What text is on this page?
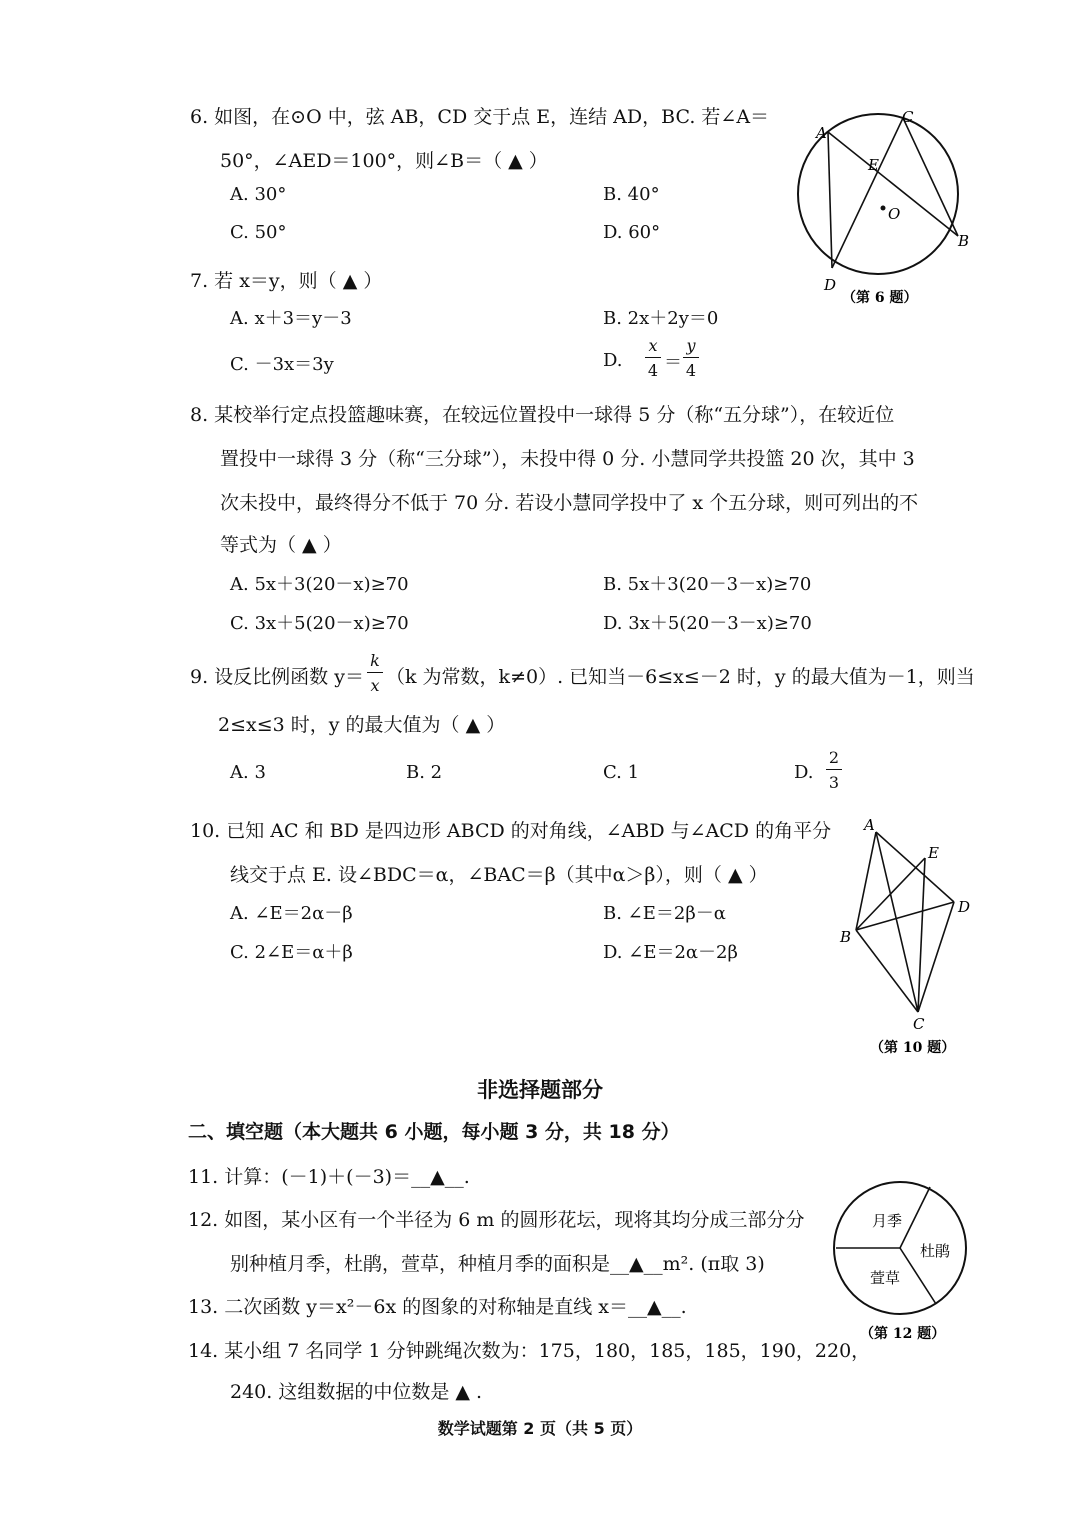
6. 如图，在⊙O 中，弦 AB，CD 交于点 E，连结 AD，BC. 若∠A＝
50°，∠AED＝100°，则∠B＝（ ▲ ）
A. 30°	B. 40°
C. 50°	D. 60°
A
C
E
O
B
D
（第 6 题）
7. 若 x＝y，则（ ▲ ）
A. x＋3＝y－3	B. 2x＋2y＝0
C. －3x＝3y	D.
x
4 ＝
y
4
8. 某校举行定点投篮趣味赛，在较远位置投中一球得 5 分（称“五分球”），在较近位
置投中一球得 3 分（称“三分球”），未投中得 0 分. 小慧同学共投篮 20 次，其中 3
次未投中，最终得分不低于 70 分. 若设小慧同学投中了 x 个五分球，则可列出的不
等式为（ ▲ ）
A. 5x＋3(20－x)≥70	B. 5x＋3(20－3－x)≥70
C. 3x＋5(20－x)≥70	D. 3x＋5(20－3－x)≥70
9. 设反比例函数 y＝
k
x （k 为常数，k≠0）. 已知当－6≤x≤－2 时，y 的最大值为－1，则当
2≤x≤3 时，y 的最大值为（ ▲ ）
A. 3	B. 2	C. 1	D.
2
3
10. 已知 AC 和 BD 是四边形 ABCD 的对角线，∠ABD 与∠ACD 的角平分
线交于点 E. 设∠BDC＝α，∠BAC＝β（其中α＞β），则（ ▲ ）
A. ∠E＝2α－β	B. ∠E＝2β－α
C. 2∠E＝α＋β	D. ∠E＝2α－2β
A
E
D
B
C
（第 10 题）
非选择题部分
二、填空题（本大题共 6 小题，每小题 3 分，共 18 分）
11. 计算：(－1)＋(－3)＝__▲__.
12. 如图，某小区有一个半径为 6 m 的圆形花坛，现将其均分成三部分分
别种植月季，杜鹃，萱草，种植月季的面积是__▲__m². (π取 3)
13. 二次函数 y＝x²－6x 的图象的对称轴是直线 x＝__▲__.
14. 某小组 7 名同学 1 分钟跳绳次数为：175，180，185，185，190，220，
240. 这组数据的中位数是 ▲ .
月季
杜鹃
萱草
（第 12 题）
数学试题第 2 页（共 5 页）
